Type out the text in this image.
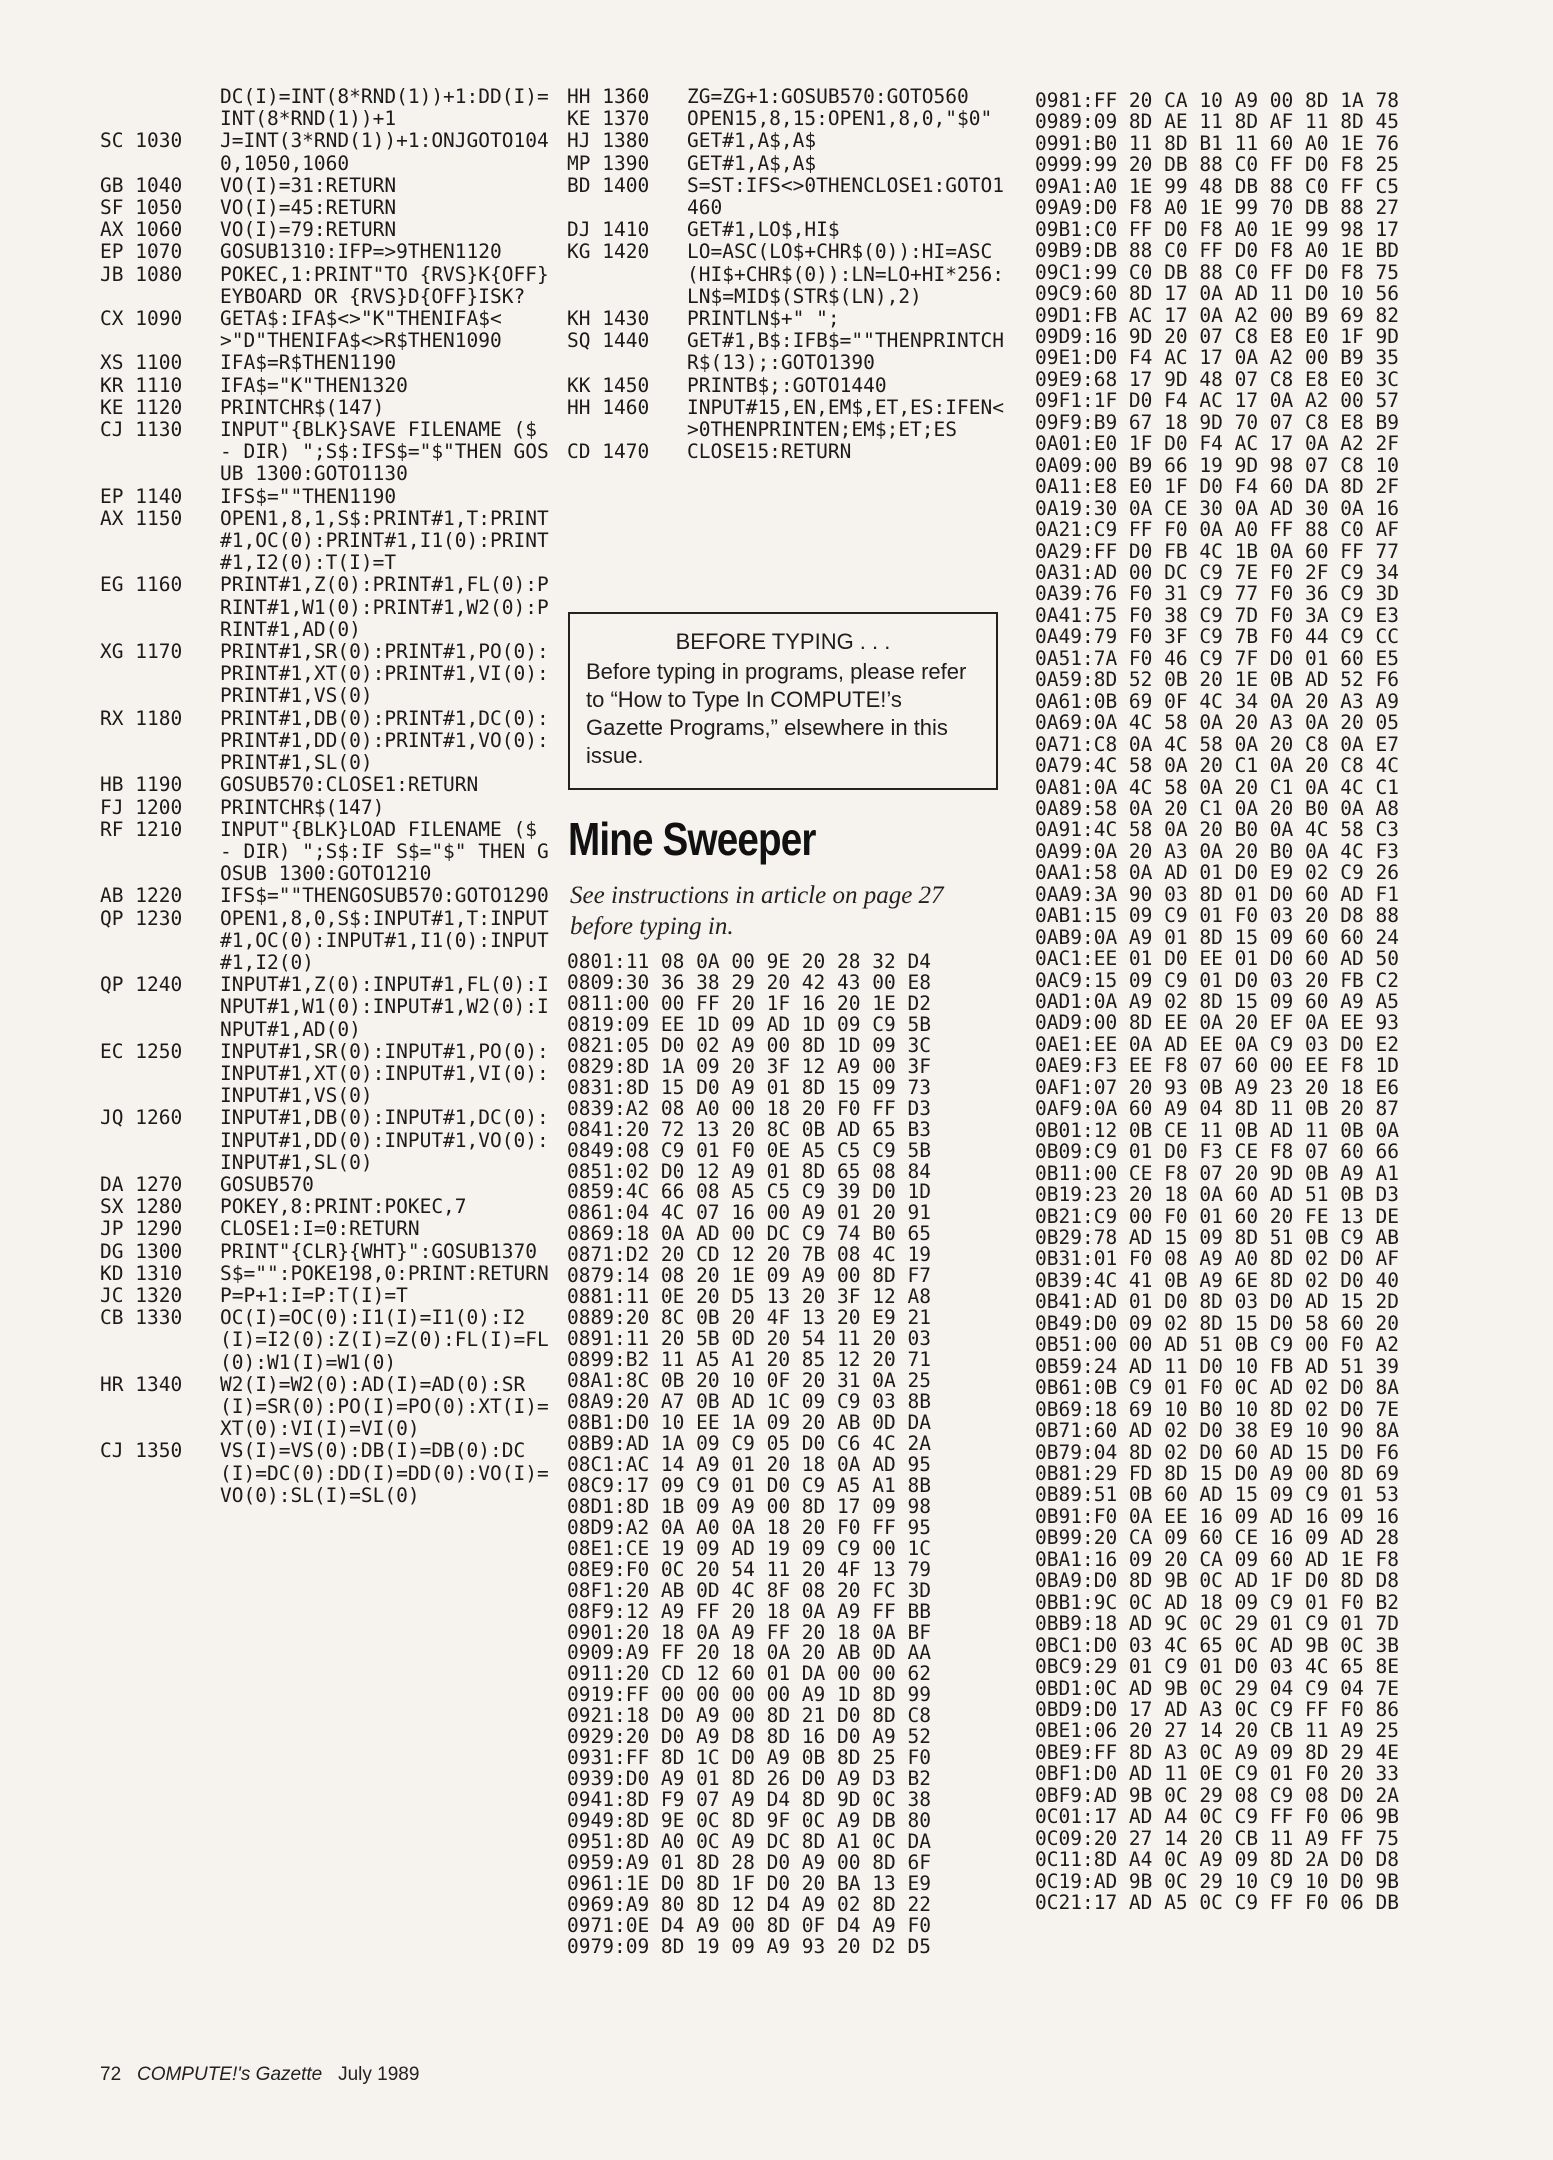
DC(I)=INT(8*RND(1))+1:DD(I)=INT(8*RND(1))+1
SC 1030	J=INT(3*RND(1))+1:ONJGOTO1040,1050,1060
GB 1040	VO(I)=31:RETURN
SF 1050	VO(I)=45:RETURN
AX 1060	VO(I)=79:RETURN
EP 1070	GOSUB1310:IFP=>9THEN1120
JB 1080	POKEC,1:PRINT"TO {RVS}K{OFF}EYBOARD OR {RVS}D{OFF}ISK?
CX 1090	GETA$:IFA$<>"K"THENIFA$<>"D"THENIFA$<>R$THEN1090
XS 1100	IFA$=R$THEN1190
KR 1110	IFA$="K"THEN1320
KE 1120	PRINTCHR$(147)
CJ 1130	INPUT"{BLK}SAVE FILENAME ($ - DIR) ";S$:IFS$="$"THEN GOSUB 1300:GOTO1130
EP 1140	IFS$=""THEN1190
AX 1150	OPEN1,8,1,S$:PRINT#1,T:PRINT#1,OC(0):PRINT#1,I1(0):PRINT#1,I2(0):T(I)=T
EG 1160	PRINT#1,Z(0):PRINT#1,FL(0):PRINT#1,W1(0):PRINT#1,W2(0):PRINT#1,AD(0)
XG 1170	PRINT#1,SR(0):PRINT#1,PO(0):PRINT#1,XT(0):PRINT#1,VI(0):PRINT#1,VS(0)
RX 1180	PRINT#1,DB(0):PRINT#1,DC(0):PRINT#1,DD(0):PRINT#1,VO(0):PRINT#1,SL(0)
HB 1190	GOSUB570:CLOSE1:RETURN
FJ 1200	PRINTCHR$(147)
RF 1210	INPUT"{BLK}LOAD FILENAME ($ - DIR) ";S$:IF S$="$" THEN GOSUB 1300:GOTO1210
AB 1220	IFS$=""THENGOSUB570:GOTO1290
QP 1230	OPEN1,8,0,S$:INPUT#1,T:INPUT#1,OC(0):INPUT#1,I1(0):INPUT#1,I2(0)
QP 1240	INPUT#1,Z(0):INPUT#1,FL(0):INPUT#1,W1(0):INPUT#1,W2(0):INPUT#1,AD(0)
EC 1250	INPUT#1,SR(0):INPUT#1,PO(0):INPUT#1,XT(0):INPUT#1,VI(0):INPUT#1,VS(0)
JQ 1260	INPUT#1,DB(0):INPUT#1,DC(0):INPUT#1,DD(0):INPUT#1,VO(0):INPUT#1,SL(0)
DA 1270	GOSUB570
SX 1280	POKEY,8:PRINT:POKEC,7
JP 1290	CLOSE1:I=0:RETURN
DG 1300	PRINT"{CLR}{WHT}":GOSUB1370
KD 1310	S$="":POKE198,0:PRINT:RETURN
JC 1320	P=P+1:I=P:T(I)=T
CB 1330	OC(I)=OC(0):I1(I)=I1(0):I2(I)=I2(0):Z(I)=Z(0):FL(I)=FL(0):W1(I)=W1(0)
HR 1340	W2(I)=W2(0):AD(I)=AD(0):SR(I)=SR(0):PO(I)=PO(0):XT(I)=XT(0):VI(I)=VI(0)
CJ 1350	VS(I)=VS(0):DB(I)=DB(0):DC(I)=DC(0):DD(I)=DD(0):VO(I)=VO(0):SL(I)=SL(0)
HH 1360	ZG=ZG+1:GOSUB570:GOTO560
KE 1370	OPEN15,8,15:OPEN1,8,0,"$0"
HJ 1380	GET#1,A$,A$
MP 1390	GET#1,A$,A$
BD 1400	S=ST:IFS<>0THENCLOSE1:GOTO1460
DJ 1410	GET#1,LO$,HI$
KG 1420	LO=ASC(LO$+CHR$(0)):HI=ASC(HI$+CHR$(0)):LN=LO+HI*256:LN$=MID$(STR$(LN),2)
KH 1430	PRINTLN$+" ";
SQ 1440	GET#1,B$:IFB$=""THENPRINTCHR$(13);:GOTO1390
KK 1450	PRINTB$;:GOTO1440
HH 1460	INPUT#15,EN,EM$,ET,ES:IFEN<>0THENPRINTEN;EM$;ET;ES
CD 1470	CLOSE15:RETURN
BEFORE TYPING . . .
Before typing in programs, please refer to “How to Type In COMPUTE!’s Gazette Programs,” elsewhere in this issue.
Mine Sweeper
See instructions in article on page 27 before typing in.
0801:11 08 0A 00 9E 20 28 32 D4
0809:30 36 38 29 20 42 43 00 E8
0811:00 00 FF 20 1F 16 20 1E D2
0819:09 EE 1D 09 AD 1D 09 C9 5B
0821:05 D0 02 A9 00 8D 1D 09 3C
0829:8D 1A 09 20 3F 12 A9 00 3F
0831:8D 15 D0 A9 01 8D 15 09 73
0839:A2 08 A0 00 18 20 F0 FF D3
0841:20 72 13 20 8C 0B AD 65 B3
0849:08 C9 01 F0 0E A5 C5 C9 5B
0851:02 D0 12 A9 01 8D 65 08 84
0859:4C 66 08 A5 C5 C9 39 D0 1D
0861:04 4C 07 16 00 A9 01 20 91
0869:18 0A AD 00 DC C9 74 B0 65
0871:D2 20 CD 12 20 7B 08 4C 19
0879:14 08 20 1E 09 A9 00 8D F7
0881:11 0E 20 D5 13 20 3F 12 A8
0889:20 8C 0B 20 4F 13 20 E9 21
0891:11 20 5B 0D 20 54 11 20 03
0899:B2 11 A5 A1 20 85 12 20 71
08A1:8C 0B 20 10 0F 20 31 0A 25
08A9:20 A7 0B AD 1C 09 C9 03 8B
08B1:D0 10 EE 1A 09 20 AB 0D DA
08B9:AD 1A 09 C9 05 D0 C6 4C 2A
08C1:AC 14 A9 01 20 18 0A AD 95
08C9:17 09 C9 01 D0 C9 A5 A1 8B
08D1:8D 1B 09 A9 00 8D 17 09 98
08D9:A2 0A A0 0A 18 20 F0 FF 95
08E1:CE 19 09 AD 19 09 C9 00 1C
08E9:F0 0C 20 54 11 20 4F 13 79
08F1:20 AB 0D 4C 8F 08 20 FC 3D
08F9:12 A9 FF 20 18 0A A9 FF BB
0901:20 18 0A A9 FF 20 18 0A BF
0909:A9 FF 20 18 0A 20 AB 0D AA
0911:20 CD 12 60 01 DA 00 00 62
0919:FF 00 00 00 00 A9 1D 8D 99
0921:18 D0 A9 00 8D 21 D0 8D C8
0929:20 D0 A9 D8 8D 16 D0 A9 52
0931:FF 8D 1C D0 A9 0B 8D 25 F0
0939:D0 A9 01 8D 26 D0 A9 D3 B2
0941:8D F9 07 A9 D4 8D 9D 0C 38
0949:8D 9E 0C 8D 9F 0C A9 DB 80
0951:8D A0 0C A9 DC 8D A1 0C DA
0959:A9 01 8D 28 D0 A9 00 8D 6F
0961:1E D0 8D 1F D0 20 BA 13 E9
0969:A9 80 8D 12 D4 A9 02 8D 22
0971:0E D4 A9 00 8D 0F D4 A9 F0
0979:09 8D 19 09 A9 93 20 D2 D5
0981:FF 20 CA 10 A9 00 8D 1A 78
0989:09 8D AE 11 8D AF 11 8D 45
0991:B0 11 8D B1 11 60 A0 1E 76
0999:99 20 DB 88 C0 FF D0 F8 25
09A1:A0 1E 99 48 DB 88 C0 FF C5
09A9:D0 F8 A0 1E 99 70 DB 88 27
09B1:C0 FF D0 F8 A0 1E 99 98 17
09B9:DB 88 C0 FF D0 F8 A0 1E BD
09C1:99 C0 DB 88 C0 FF D0 F8 75
09C9:60 8D 17 0A AD 11 D0 10 56
09D1:FB AC 17 0A A2 00 B9 69 82
09D9:16 9D 20 07 C8 E8 E0 1F 9D
09E1:D0 F4 AC 17 0A A2 00 B9 35
09E9:68 17 9D 48 07 C8 E8 E0 3C
09F1:1F D0 F4 AC 17 0A A2 00 57
09F9:B9 67 18 9D 70 07 C8 E8 B9
0A01:E0 1F D0 F4 AC 17 0A A2 2F
0A09:00 B9 66 19 9D 98 07 C8 10
0A11:E8 E0 1F D0 F4 60 DA 8D 2F
0A19:30 0A CE 30 0A AD 30 0A 16
0A21:C9 FF F0 0A A0 FF 88 C0 AF
0A29:FF D0 FB 4C 1B 0A 60 FF 77
0A31:AD 00 DC C9 7E F0 2F C9 34
0A39:76 F0 31 C9 77 F0 36 C9 3D
0A41:75 F0 38 C9 7D F0 3A C9 E3
0A49:79 F0 3F C9 7B F0 44 C9 CC
0A51:7A F0 46 C9 7F D0 01 60 E5
0A59:8D 52 0B 20 1E 0B AD 52 F6
0A61:0B 69 0F 4C 34 0A 20 A3 A9
0A69:0A 4C 58 0A 20 A3 0A 20 05
0A71:C8 0A 4C 58 0A 20 C8 0A E7
0A79:4C 58 0A 20 C1 0A 20 C8 4C
0A81:0A 4C 58 0A 20 C1 0A 4C C1
0A89:58 0A 20 C1 0A 20 B0 0A A8
0A91:4C 58 0A 20 B0 0A 4C 58 C3
0A99:0A 20 A3 0A 20 B0 0A 4C F3
0AA1:58 0A AD 01 D0 E9 02 C9 26
0AA9:3A 90 03 8D 01 D0 60 AD F1
0AB1:15 09 C9 01 F0 03 20 D8 88
0AB9:0A A9 01 8D 15 09 60 60 24
0AC1:EE 01 D0 EE 01 D0 60 AD 50
0AC9:15 09 C9 01 D0 03 20 FB C2
0AD1:0A A9 02 8D 15 09 60 A9 A5
0AD9:00 8D EE 0A 20 EF 0A EE 93
0AE1:EE 0A AD EE 0A C9 03 D0 E2
0AE9:F3 EE F8 07 60 00 EE F8 1D
0AF1:07 20 93 0B A9 23 20 18 E6
0AF9:0A 60 A9 04 8D 11 0B 20 87
0B01:12 0B CE 11 0B AD 11 0B 0A
0B09:C9 01 D0 F3 CE F8 07 60 66
0B11:00 CE F8 07 20 9D 0B A9 A1
0B19:23 20 18 0A 60 AD 51 0B D3
0B21:C9 00 F0 01 60 20 FE 13 DE
0B29:78 AD 15 09 8D 51 0B C9 AB
0B31:01 F0 08 A9 A0 8D 02 D0 AF
0B39:4C 41 0B A9 6E 8D 02 D0 40
0B41:AD 01 D0 8D 03 D0 AD 15 2D
0B49:D0 09 02 8D 15 D0 58 60 20
0B51:00 00 AD 51 0B C9 00 F0 A2
0B59:24 AD 11 D0 10 FB AD 51 39
0B61:0B C9 01 F0 0C AD 02 D0 8A
0B69:18 69 10 B0 10 8D 02 D0 7E
0B71:60 AD 02 D0 38 E9 10 90 8A
0B79:04 8D 02 D0 60 AD 15 D0 F6
0B81:29 FD 8D 15 D0 A9 00 8D 69
0B89:51 0B 60 AD 15 09 C9 01 53
0B91:F0 0A EE 16 09 AD 16 09 16
0B99:20 CA 09 60 CE 16 09 AD 28
0BA1:16 09 20 CA 09 60 AD 1E F8
0BA9:D0 8D 9B 0C AD 1F D0 8D D8
0BB1:9C 0C AD 18 09 C9 01 F0 B2
0BB9:18 AD 9C 0C 29 01 C9 01 7D
0BC1:D0 03 4C 65 0C AD 9B 0C 3B
0BC9:29 01 C9 01 D0 03 4C 65 8E
0BD1:0C AD 9B 0C 29 04 C9 04 7E
0BD9:D0 17 AD A3 0C C9 FF F0 86
0BE1:06 20 27 14 20 CB 11 A9 25
0BE9:FF 8D A3 0C A9 09 8D 29 4E
0BF1:D0 AD 11 0E C9 01 F0 20 33
0BF9:AD 9B 0C 29 08 C9 08 D0 2A
0C01:17 AD A4 0C C9 FF F0 06 9B
0C09:20 27 14 20 CB 11 A9 FF 75
0C11:8D A4 0C A9 09 8D 2A D0 D8
0C19:AD 9B 0C 29 10 C9 10 D0 9B
0C21:17 AD A5 0C C9 FF F0 06 DB
72 COMPUTE!'s Gazette July 1989
